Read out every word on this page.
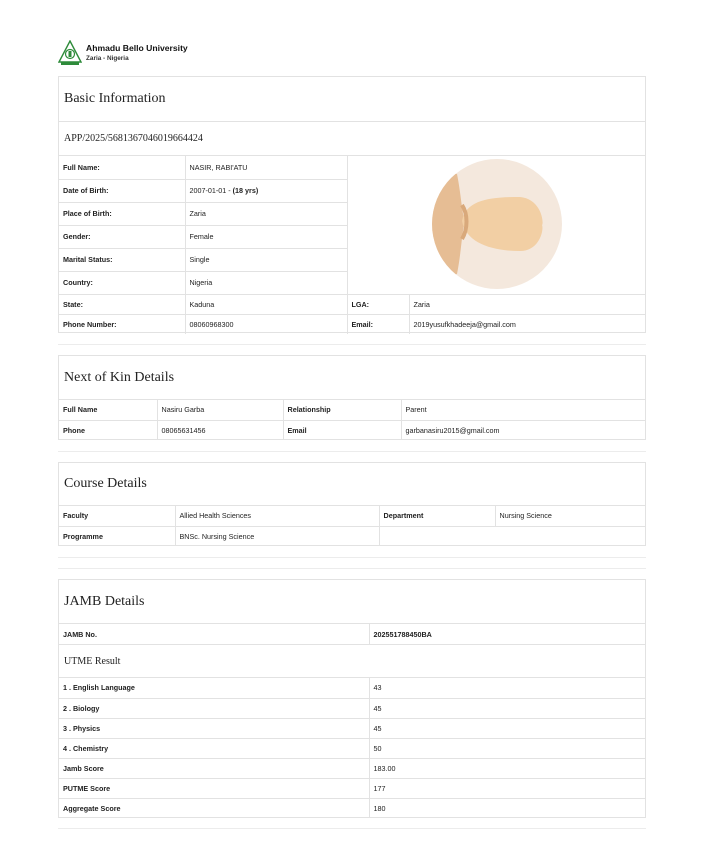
Ahmadu Bello University
Zaria - Nigeria
Basic Information
APP/2025/5681367046019664424
Full Name:	NASIR, RABI'ATU	

Date of Birth:	2007-01-01 - (18 yrs)		
Place of Birth:	Zaria		
Gender:	Female		
Marital Status:	Single		
Country:	Nigeria		
State:	Kaduna	LGA:	Zaria
Phone Number:	08060968300	Email:	2019yusufkhadeeja@gmail.com
Next of Kin Details
Full Name	Nasiru Garba	Relationship	Parent
Phone	08065631456	Email	garbanasiru2015@gmail.com
Course Details
Faculty	Allied Health Sciences	Department	Nursing Science
Programme	BNSc. Nursing Science		
JAMB Details
JAMB No.	202551788450BA
UTME Result
1 . English Language	43
2 . Biology	45
3 . Physics	45
4 . Chemistry	50
Jamb Score	183.00
PUTME Score	177
Aggregate Score	180
